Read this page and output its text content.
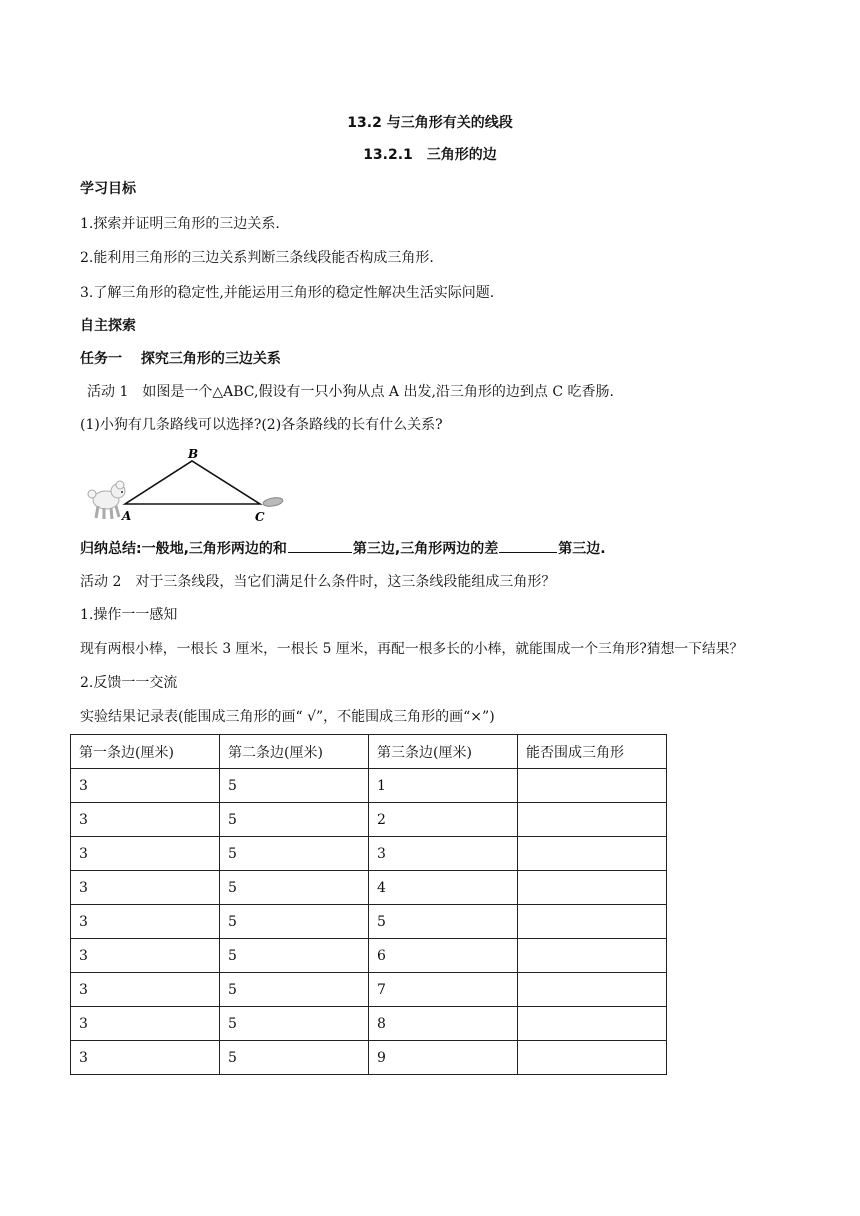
13.2 与三角形有关的线段
13.2.1　三角形的边
学习目标
1.探索并证明三角形的三边关系.
2.能利用三角形的三边关系判断三条线段能否构成三角形.
3.了解三角形的稳定性,并能运用三角形的稳定性解决生活实际问题.
自主探索
任务一　 探究三角形的三边关系
活动 1　如图是一个△ABC,假设有一只小狗从点 A 出发,沿三角形的边到点 C 吃香肠.
(1)小狗有几条路线可以选择?(2)各条路线的长有什么关系?
B
A	C
归纳总结:一般地,三角形两边的和	第三边,三角形两边的差	第三边.
活动 2　对于三条线段，当它们满足什么条件时，这三条线段能组成三角形？
1.操作一一感知
现有两根小棒，一根长 3 厘米，一根长 5 厘米，再配一根多长的小棒，就能围成一个三角形?猜想一下结果？
2.反馈一一交流
实验结果记录表(能围成三角形的画“ √”，不能围成三角形的画“×”)
第一条边(厘米)	第二条边(厘米)	第三条边(厘米)	能否围成三角形
3	5	1	
3	5	2	
3	5	3	
3	5	4	
3	5	5	
3	5	6	
3	5	7	
3	5	8	
3	5	9	
